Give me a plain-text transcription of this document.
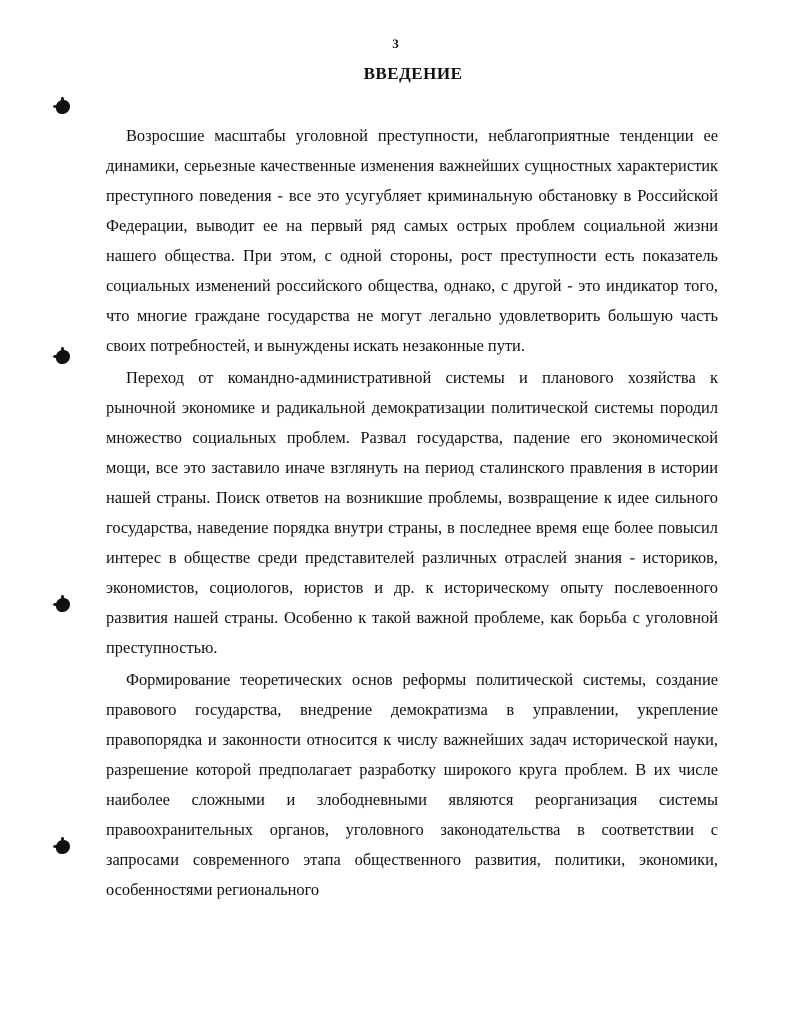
3
ВВЕДЕНИЕ

Возросшие масштабы уголовной преступности, неблагоприятные тенденции ее динамики, серьезные качественные изменения важнейших сущностных характеристик преступного поведения - все это усугубляет криминальную обстановку в Российской Федерации, выводит ее на первый ряд самых острых проблем социальной жизни нашего общества. При этом, с одной стороны, рост преступности есть показатель социальных изменений российского общества, однако, с другой - это индикатор того, что многие граждане государства не могут легально удовлетворить большую часть своих потребностей, и вынуждены искать незаконные пути.

Переход от командно-административной системы и планового хозяйства к рыночной экономике и радикальной демократизации политической системы породил множество социальных проблем. Развал государства, падение его экономической мощи, все это заставило иначе взглянуть на период сталинского правления в истории нашей страны. Поиск ответов на возникшие проблемы, возвращение к идее сильного государства, наведение порядка внутри страны, в последнее время еще более повысил интерес в обществе среди представителей различных отраслей знания - историков, экономистов, социологов, юристов и др. к историческому опыту послевоенного развития нашей страны. Особенно к такой важной проблеме, как борьба с уголовной преступностью.

Формирование теоретических основ реформы политической системы, создание правового государства, внедрение демократизма в управлении, укрепление правопорядка и законности относится к числу важнейших задач исторической науки, разрешение которой предполагает разработку широкого круга проблем. В их числе наиболее сложными и злободневными являются реорганизация системы правоохранительных органов, уголовного законодательства в соответствии с запросами современного этапа общественного развития, политики, экономики, особенностями регионального
